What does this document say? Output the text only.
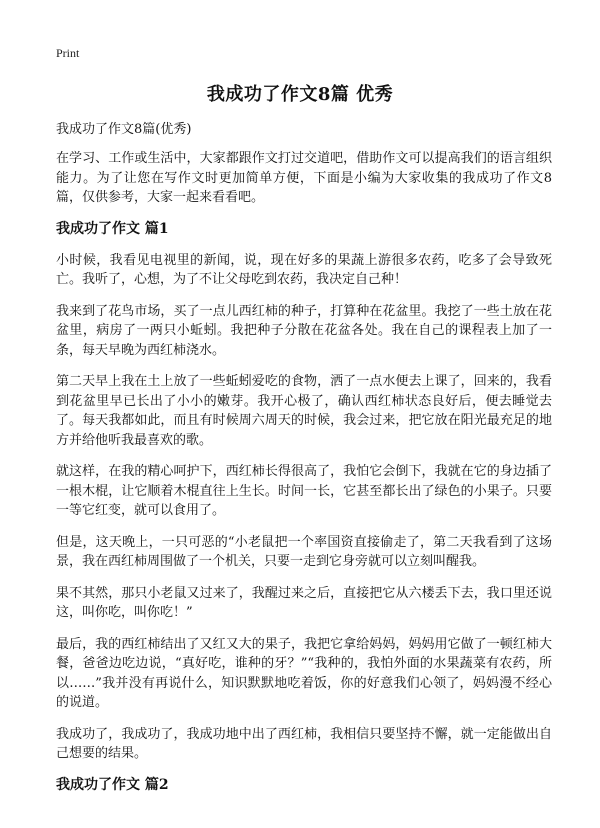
Print
我成功了作文8篇 优秀

我成功了作文8篇(优秀)

在学习、工作或生活中，大家都跟作文打过交道吧，借助作文可以提高我们的语言组织能力。为了让您在写作文时更加简单方便，下面是小编为大家收集的我成功了作文8篇，仅供参考，大家一起来看看吧。

我成功了作文 篇1

小时候，我看见电视里的新闻，说，现在好多的果蔬上游很多农药，吃多了会导致死亡。我听了，心想，为了不让父母吃到农药，我决定自己种！

我来到了花鸟市场，买了一点儿西红柿的种子，打算种在花盆里。我挖了一些土放在花盆里，病房了一两只小蚯蚓。我把种子分散在花盆各处。我在自己的课程表上加了一条，每天早晚为西红柿浇水。

第二天早上我在土上放了一些蚯蚓爱吃的食物，洒了一点水便去上课了，回来的，我看到花盆里早已长出了小小的嫩芽。我开心极了，确认西红柿状态良好后，便去睡觉去了。每天我都如此，而且有时候周六周天的时候，我会过来，把它放在阳光最充足的地方并给他听我最喜欢的歌。

就这样，在我的精心呵护下，西红柿长得很高了，我怕它会倒下，我就在它的身边插了一根木棍，让它顺着木棍直往上生长。时间一长，它甚至都长出了绿色的小果子。只要一等它红变，就可以食用了。

但是，这天晚上，一只可恶的“小老鼠把一个率国资直接偷走了，第二天我看到了这场景，我在西红柿周围做了一个机关，只要一走到它身旁就可以立刻叫醒我。

果不其然，那只小老鼠又过来了，我醒过来之后，直接把它从六楼丢下去，我口里还说这，叫你吃，叫你吃！”

最后，我的西红柿结出了又红又大的果子，我把它拿给妈妈，妈妈用它做了一顿红柿大餐，爸爸边吃边说，“真好吃，谁种的牙？”“我种的，我怕外面的水果蔬菜有农药，所以……”我并没有再说什么，知识默默地吃着饭，你的好意我们心领了，妈妈漫不经心的说道。

我成功了，我成功了，我成功地中出了西红柿，我相信只要坚持不懈，就一定能做出自己想要的结果。

我成功了作文 篇2
